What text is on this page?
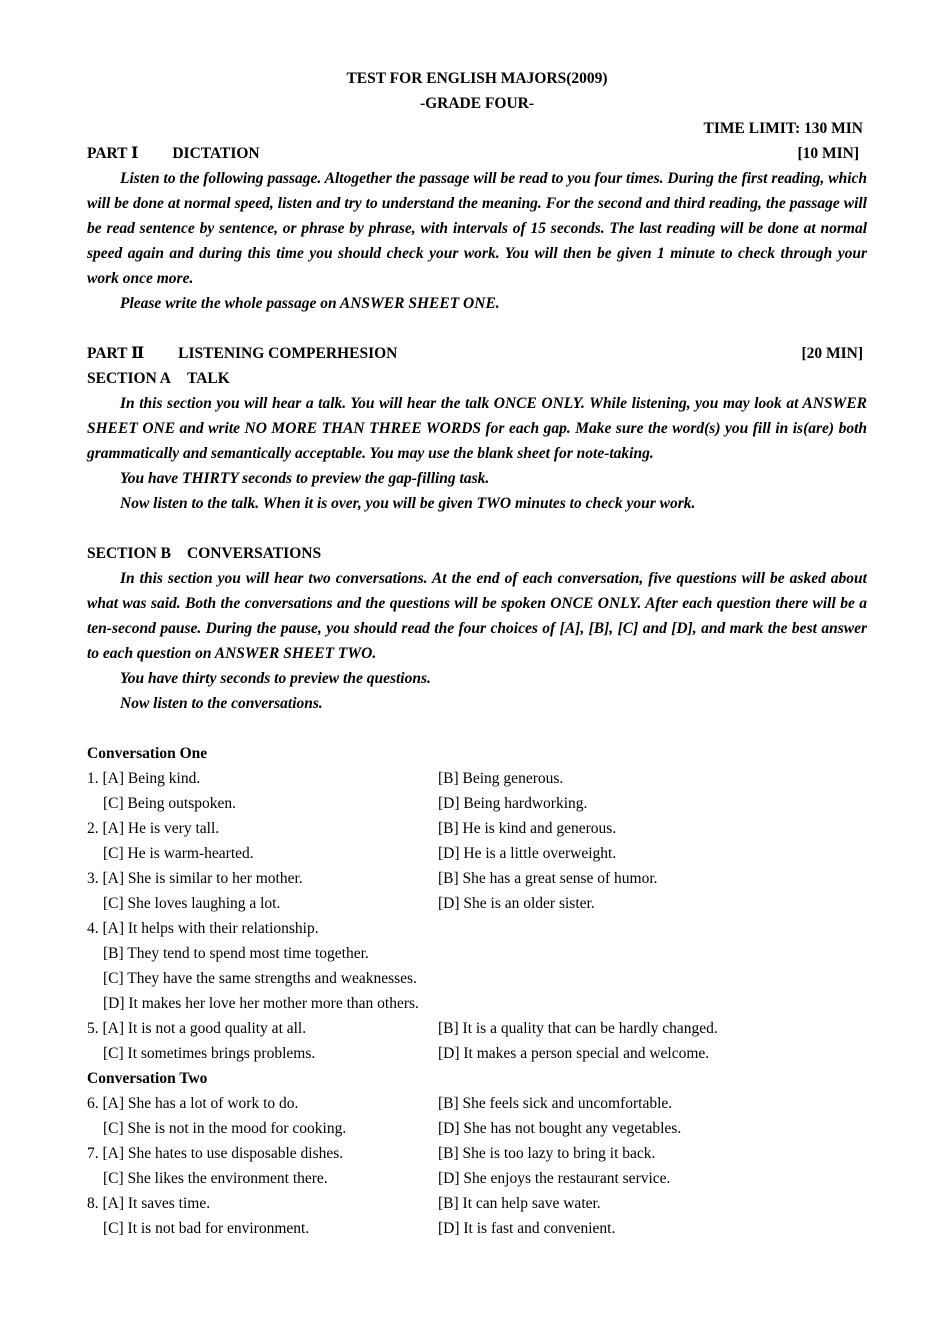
TEST FOR ENGLISH MAJORS(2009)
-GRADE FOUR-
TIME LIMIT: 130 MIN
PART Ⅰ DICTATION	[10 MIN]

Listen to the following passage. Altogether the passage will be read to you four times. During the first reading, which will be done at normal speed, listen and try to understand the meaning. For the second and third reading, the passage will be read sentence by sentence, or phrase by phrase, with intervals of 15 seconds. The last reading will be done at normal speed again and during this time you should check your work. You will then be given 1 minute to check through your work once more.

Please write the whole passage on ANSWER SHEET ONE.

PART Ⅱ LISTENING COMPERHESION	[20 MIN]
SECTION A TALK

In this section you will hear a talk. You will hear the talk ONCE ONLY. While listening, you may look at ANSWER SHEET ONE and write NO MORE THAN THREE WORDS for each gap. Make sure the word(s) you fill in is(are) both grammatically and semantically acceptable. You may use the blank sheet for note-taking.

You have THIRTY seconds to preview the gap-filling task.

Now listen to the talk. When it is over, you will be given TWO minutes to check your work.

SECTION B CONVERSATIONS

In this section you will hear two conversations. At the end of each conversation, five questions will be asked about what was said. Both the conversations and the questions will be spoken ONCE ONLY. After each question there will be a ten-second pause. During the pause, you should read the four choices of [A], [B], [C] and [D], and mark the best answer to each question on ANSWER SHEET TWO.

You have thirty seconds to preview the questions.

Now listen to the conversations.

Conversation One
1. [A] Being kind.	[B] Being generous.
[C] Being outspoken.	[D] Being hardworking.
2. [A] He is very tall.	[B] He is kind and generous.
[C] He is warm-hearted.	[D] He is a little overweight.
3. [A] She is similar to her mother.	[B] She has a great sense of humor.
[C] She loves laughing a lot.	[D] She is an older sister.
4. [A] It helps with their relationship.
[B] They tend to spend most time together.
[C] They have the same strengths and weaknesses.
[D] It makes her love her mother more than others.
5. [A] It is not a good quality at all.	[B] It is a quality that can be hardly changed.
[C] It sometimes brings problems.	[D] It makes a person special and welcome.
Conversation Two
6. [A] She has a lot of work to do.	[B] She feels sick and uncomfortable.
[C] She is not in the mood for cooking.	[D] She has not bought any vegetables.
7. [A] She hates to use disposable dishes.	[B] She is too lazy to bring it back.
[C] She likes the environment there.	[D] She enjoys the restaurant service.
8. [A] It saves time.	[B] It can help save water.
[C] It is not bad for environment.	[D] It is fast and convenient.
